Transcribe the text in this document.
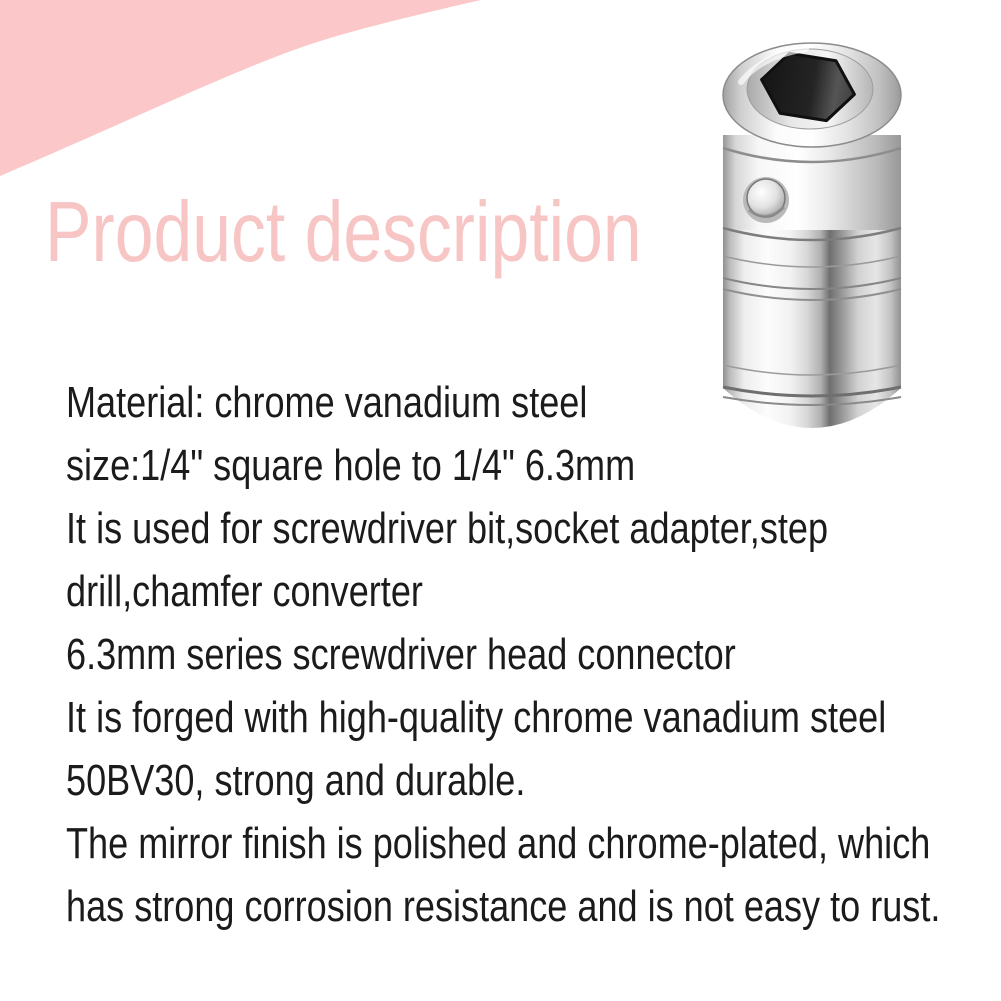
Product description
Material: chrome vanadium steel
size:1/4" square hole to 1/4" 6.3mm
It is used for screwdriver bit,socket adapter,step
drill,chamfer converter
6.3mm series screwdriver head connector
It is forged with high-quality chrome vanadium steel
50BV30, strong and durable.
The mirror finish is polished and chrome-plated, which
has strong corrosion resistance and is not easy to rust.
